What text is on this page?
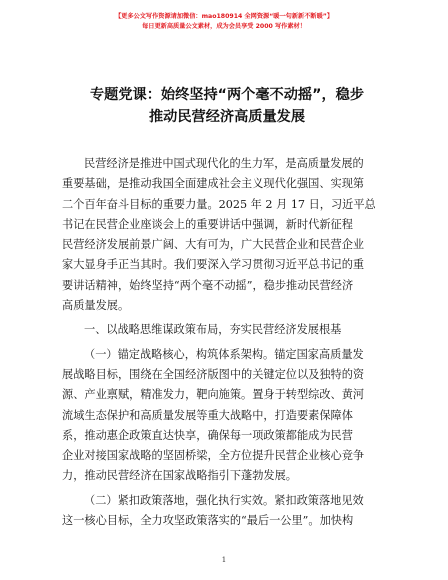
【更多公文写作资源请加微信：mao180914 全网资源“暖一句新新不断暖”】
每日更新高质量公文素材，成为会员享受 2000 写作素材！
专题党课：始终坚持“两个毫不动摇”，稳步
推动民营经济高质量发展
民营经济是推进中国式现代化的生力军，是高质量发展的
重要基础，是推动我国全面建成社会主义现代化强国、实现第
二个百年奋斗目标的重要力量。2025 年 2 月 17 日，习近平总
书记在民营企业座谈会上的重要讲话中强调，新时代新征程
民营经济发展前景广阔、大有可为，广大民营企业和民营企业
家大显身手正当其时。我们要深入学习贯彻习近平总书记的重
要讲话精神，始终坚持“两个毫不动摇”，稳步推动民营经济
高质量发展。
一、以战略思维谋政策布局，夯实民营经济发展根基
（一）锚定战略核心，构筑体系架构。锚定国家高质量发
展战略目标，围绕在全国经济版图中的关键定位以及独特的资
源、产业禀赋，精准发力，靶向施策。置身于转型综改、黄河
流域生态保护和高质量发展等重大战略中，打造要素保障体
系，推动惠企政策直达快享，确保每一项政策都能成为民营
企业对接国家战略的坚固桥梁，全方位提升民营企业核心竞争
力，推动民营经济在国家战略指引下蓬勃发展。
（二）紧扣政策落地，强化执行实效。紧扣政策落地见效
这一核心目标，全力攻坚政策落实的“最后一公里”。加快构
1
